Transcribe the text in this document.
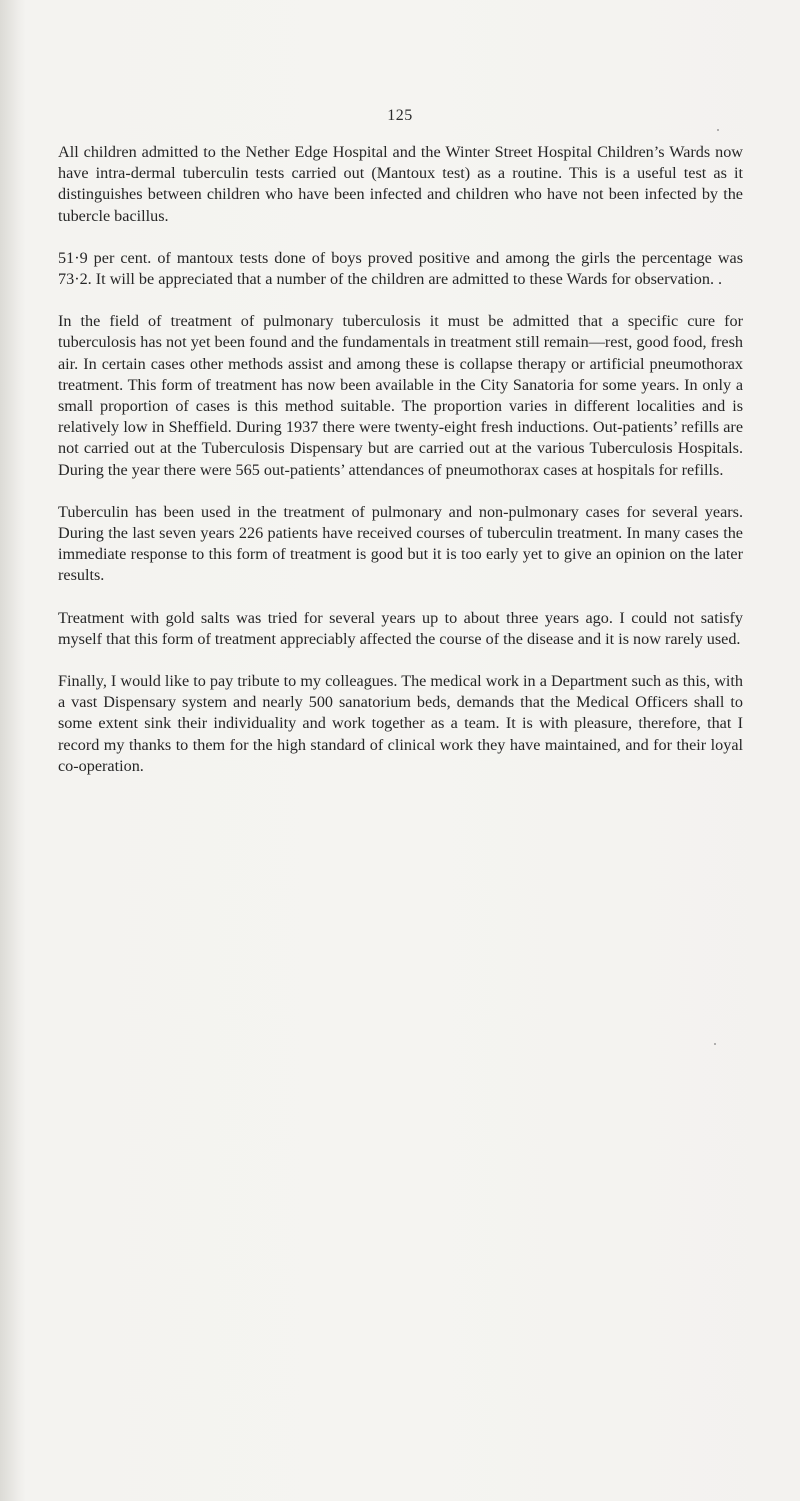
125

All children admitted to the Nether Edge Hospital and the Winter Street Hospital Children’s Wards now have intra-dermal tuberculin tests carried out (Mantoux test) as a routine. This is a useful test as it distinguishes between children who have been infected and children who have not been infected by the tubercle bacillus.

51·9 per cent. of mantoux tests done of boys proved positive and among the girls the percentage was 73·2. It will be appreciated that a number of the children are admitted to these Wards for observation. .

In the field of treatment of pulmonary tuberculosis it must be admitted that a specific cure for tuberculosis has not yet been found and the fundamentals in treatment still remain—rest, good food, fresh air. In certain cases other methods assist and among these is collapse therapy or artificial pneumothorax treatment. This form of treatment has now been available in the City Sanatoria for some years. In only a small proportion of cases is this method suitable. The proportion varies in different localities and is relatively low in Sheffield. During 1937 there were twenty-eight fresh inductions. Out-patients’ refills are not carried out at the Tuberculosis Dispensary but are carried out at the various Tuberculosis Hospitals. During the year there were 565 out-patients’ attendances of pneumothorax cases at hospitals for refills.

Tuberculin has been used in the treatment of pulmonary and non-pulmonary cases for several years. During the last seven years 226 patients have received courses of tuberculin treatment. In many cases the immediate response to this form of treatment is good but it is too early yet to give an opinion on the later results.

Treatment with gold salts was tried for several years up to about three years ago. I could not satisfy myself that this form of treatment appreciably affected the course of the disease and it is now rarely used.

Finally, I would like to pay tribute to my colleagues. The medical work in a Department such as this, with a vast Dispensary system and nearly 500 sanatorium beds, demands that the Medical Officers shall to some extent sink their individuality and work together as a team. It is with pleasure, therefore, that I record my thanks to them for the high standard of clinical work they have maintained, and for their loyal co-operation.
